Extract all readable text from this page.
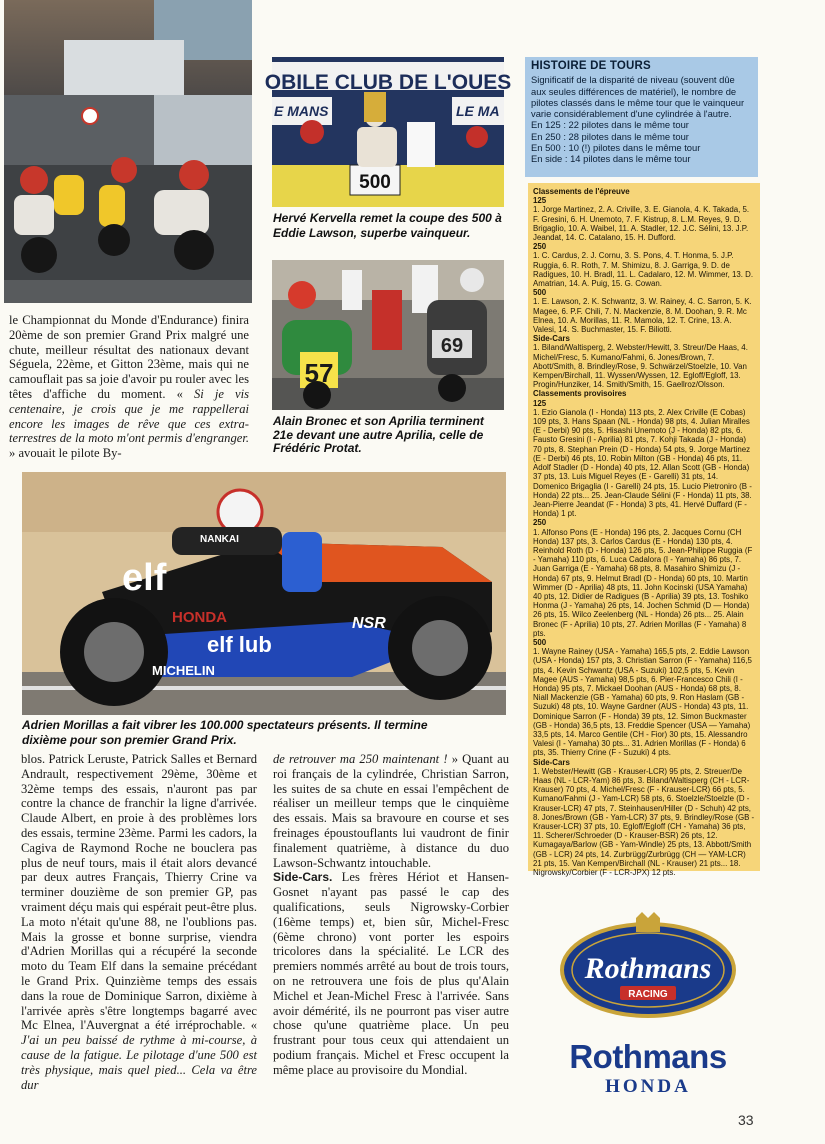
OBILE CLUB DE L'OUES
E MANS	LE MA
500
Hervé Kervella remet la coupe des 500 à Eddie Lawson, superbe vainqueur.
57
69
Alain Bronec et son Aprilia terminent
21e devant une autre Aprilia, celle de
Frédéric Protat.

le Championnat du Monde d'Endurance) finira 20ème de son premier Grand Prix malgré une chute, meilleur résultat des nationaux devant Séguela, 22ème, et Gitton 23ème, mais qui ne camouflait pas sa joie d'avoir pu rouler avec les têtes d'affiche du moment. « Si je vis centenaire, je crois que je me rappellerai encore les images de rêve que ces extra-terrestres de la moto m'ont permis d'engranger. » avouait le pilote By-

elf
HONDA
elf lub
MICHELIN
NSR
NANKAI
Adrien Morillas a fait vibrer les 100.000 spectateurs présents. Il termine
dixième pour son premier Grand Prix.

blos. Patrick Leruste, Patrick Salles et Bernard Andrault, respectivement 29ème, 30ème et 32ème temps des essais, n'auront pas par contre la chance de franchir la ligne d'arrivée. Claude Albert, en proie à des problèmes lors des essais, termine 23ème. Parmi les cadors, la Cagiva de Raymond Roche ne bouclera pas plus de neuf tours, mais il était alors devancé par deux autres Français, Thierry Crine va terminer douzième de son premier GP, pas vraiment déçu mais qui espérait peut-être plus. La moto n'était qu'une 88, ne l'oublions pas. Mais la grosse et bonne surprise, viendra d'Adrien Morillas qui a récupéré la seconde moto du Team Elf dans la semaine précédant le Grand Prix. Quinzième temps des essais dans la roue de Dominique Sarron, dixième à l'arrivée après s'être longtemps bagarré avec Mc Elnea, l'Auvergnat a été irréprochable. « J'ai un peu baissé de rythme à mi-course, à cause de la fatigue. Le pilotage d'une 500 est très physique, mais quel pied... Cela va être dur

de retrouver ma 250 maintenant ! » Quant au roi français de la cylindrée, Christian Sarron, les suites de sa chute en essai l'empêchent de réaliser un meilleur temps que le cinquième des essais. Mais sa bravoure en course et ses freinages époustouflants lui vaudront de finir finalement quatrième, à distance du duo Lawson-Schwantz intouchable.

Side-Cars. Les frères Hériot et Hansen-Gosnet n'ayant pas passé le cap des qualifications, seuls Nigrowsky-Corbier (16ème temps) et, bien sûr, Michel-Fresc (6ème chrono) vont porter les espoirs tricolores dans la spécialité. Le LCR des premiers nommés arrêté au bout de trois tours, on ne retrouvera une fois de plus qu'Alain Michel et Jean-Michel Fresc à l'arrivée. Sans avoir démérité, ils ne pourront pas viser autre chose qu'une quatrième place. Un peu frustrant pour tous ceux qui attendaient un podium français. Michel et Fresc occupent la même place au provisoire du Mondial.

HISTOIRE DE TOURS

Significatif de la disparité de niveau (souvent dûe aux seules différences de matériel), le nombre de pilotes classés dans le même tour que le vainqueur varie considérablement d'une cylindrée à l'autre.

En 125 : 22 pilotes dans le même tour

En 250 : 28 pilotes dans le même tour

En 500 : 10 (!) pilotes dans le même tour

En side : 14 pilotes dans le même tour

Classements de l'épreuve

125

1. Jorge Martinez, 2. A. Criville, 3. E. Gianola, 4. K. Takada, 5. F. Gresini, 6. H. Unemoto, 7. F. Kistrup, 8. L.M. Reyes, 9. D. Brigaglio, 10. A. Waibel, 11. A. Stadler, 12. J.C. Sélini, 13. J.P. Jeandat, 14. C. Catalano, 15. H. Dufford.

250

1. C. Cardus, 2. J. Cornu, 3. S. Pons, 4. T. Honma, 5. J.P. Ruggia, 6. R. Roth, 7. M. Shimizu, 8. J. Garriga, 9. D. de Radigues, 10. H. Bradl, 11. L. Cadalaro, 12. M. Wimmer, 13. D. Amatrian, 14. A. Puig, 15. G. Cowan.

500

1. E. Lawson, 2. K. Schwantz, 3. W. Rainey, 4. C. Sarron, 5. K. Magee, 6. P.F. Chili, 7. N. Mackenzie, 8. M. Doohan, 9. R. Mc Elnea, 10. A. Morillas, 11. R. Mamola, 12. T. Crine, 13. A. Valesi, 14. S. Buchmaster, 15. F. Biliotti.

Side-Cars

1. Biland/Waltisperg, 2. Webster/Hewitt, 3. Streur/De Haas, 4. Michel/Fresc, 5. Kumano/Fahmi, 6. Jones/Brown, 7. Abott/Smith, 8. Brindley/Rose, 9. Schwärzel/Stoelzle, 10. Van Kempen/Birchall, 11. Wyssen/Wyssen, 12. Egloff/Egloff, 13. Progin/Hunziker, 14. Smith/Smith, 15. Gaellroz/Olsson.

Classements provisoires

125

1. Ezio Gianola (I - Honda) 113 pts, 2. Alex Criville (E Cobas) 109 pts, 3. Hans Spaan (NL - Honda) 98 pts, 4. Julian Miralles (E - Derbi) 90 pts, 5. Hisashi Unemoto (J - Honda) 82 pts, 6. Fausto Gresini (I - Aprilia) 81 pts, 7. Kohji Takada (J - Honda) 70 pts, 8. Stephan Prein (D - Honda) 54 pts, 9. Jorge Martinez (E - Derbi) 46 pts, 10. Robin Milton (GB - Honda) 46 pts, 11. Adolf Stadler (D - Honda) 40 pts, 12. Allan Scott (GB - Honda) 37 pts, 13. Luis Miguel Reyes (E - Garelli) 31 pts, 14. Domenico Brigaglia (I - Garelli) 24 pts, 15. Lucio Pietroniro (B - Honda) 22 pts... 25. Jean-Claude Sélini (F - Honda) 11 pts, 38. Jean-Pierre Jeandat (F - Honda) 3 pts, 41. Hervé Duffard (F - Honda) 1 pt.

250

1. Alfonso Pons (E - Honda) 196 pts, 2. Jacques Cornu (CH Honda) 137 pts, 3. Carlos Cardus (E - Honda) 130 pts, 4. Reinhold Roth (D - Honda) 126 pts, 5. Jean-Philippe Ruggia (F - Yamaha) 110 pts, 6. Luca Cadalora (I - Yamaha) 86 pts, 7. Juan Garriga (E - Yamaha) 68 pts, 8. Masahiro Shimizu (J - Honda) 67 pts, 9. Helmut Bradl (D - Honda) 60 pts, 10. Martin Wimmer (D - Aprilia) 48 pts, 11. John Kocinski (USA Yamaha) 40 pts, 12. Didier de Radigues (B - Aprilia) 39 pts, 13. Toshiko Honma (J - Yamaha) 26 pts, 14. Jochen Schmid (D — Honda) 26 pts, 15. Wilco Zeelenberg (NL - Honda) 26 pts... 25. Alain Bronec (F - Aprilia) 10 pts, 27. Adrien Morillas (F - Yamaha) 8 pts.

500

1. Wayne Rainey (USA - Yamaha) 165,5 pts, 2. Eddie Lawson (USA - Honda) 157 pts, 3. Christian Sarron (F - Yamaha) 116,5 pts, 4. Kevin Schwantz (USA - Suzuki) 102,5 pts, 5. Kevin Magee (AUS - Yamaha) 98,5 pts, 6. Pier-Francesco Chili (I - Honda) 95 pts, 7. Mickael Doohan (AUS - Honda) 68 pts, 8. Niall Mackenzie (GB - Yamaha) 60 pts, 9. Ron Haslam (GB - Suzuki) 48 pts, 10. Wayne Gardner (AUS - Honda) 43 pts, 11. Dominique Sarron (F - Honda) 39 pts, 12. Simon Buckmaster (GB - Honda) 36,5 pts, 13. Freddie Spencer (USA — Yamaha) 33,5 pts, 14. Marco Gentile (CH - Fior) 30 pts, 15. Alessandro Valesi (I - Yamaha) 30 pts... 31. Adrien Morillas (F - Honda) 6 pts, 35. Thierry Crine (F - Suzuki) 4 pts.

Side-Cars

1. Webster/Hewitt (GB - Krauser-LCR) 95 pts, 2. Streuer/De Haas (NL - LCR-Yam) 86 pts, 3. Biland/Waltisperg (CH - LCR-Krauser) 70 pts, 4. Michel/Fresc (F - Krauser-LCR) 66 pts, 5. Kumano/Fahmi (J - Yam-LCR) 58 pts, 6. Stoelzle/Stoelzle (D - Krauser-LCR) 47 pts, 7. Steinhausen/Hiller (D - Schuh) 42 pts, 8. Jones/Brown (GB - Yam-LCR) 37 pts, 9. Brindley/Rose (GB - Krauser-LCR) 37 pts, 10. Egloff/Egloff (CH - Yamaha) 36 pts, 11. Scherer/Schroeder (D - Krauser-BSR) 26 pts, 12. Kumagaya/Barlow (GB - Yam-Windle) 25 pts, 13. Abbott/Smith (GB - LCR) 24 pts, 14. Zurbrügg/Zurbrügg (CH — YAM-LCR) 21 pts, 15. Van Kempen/Birchall (NL - Krauser) 21 pts... 18. Nigrowsky/Corbier (F - LCR-JPX) 12 pts.

Rothmans
RACING
Rothmans
HONDA
33
